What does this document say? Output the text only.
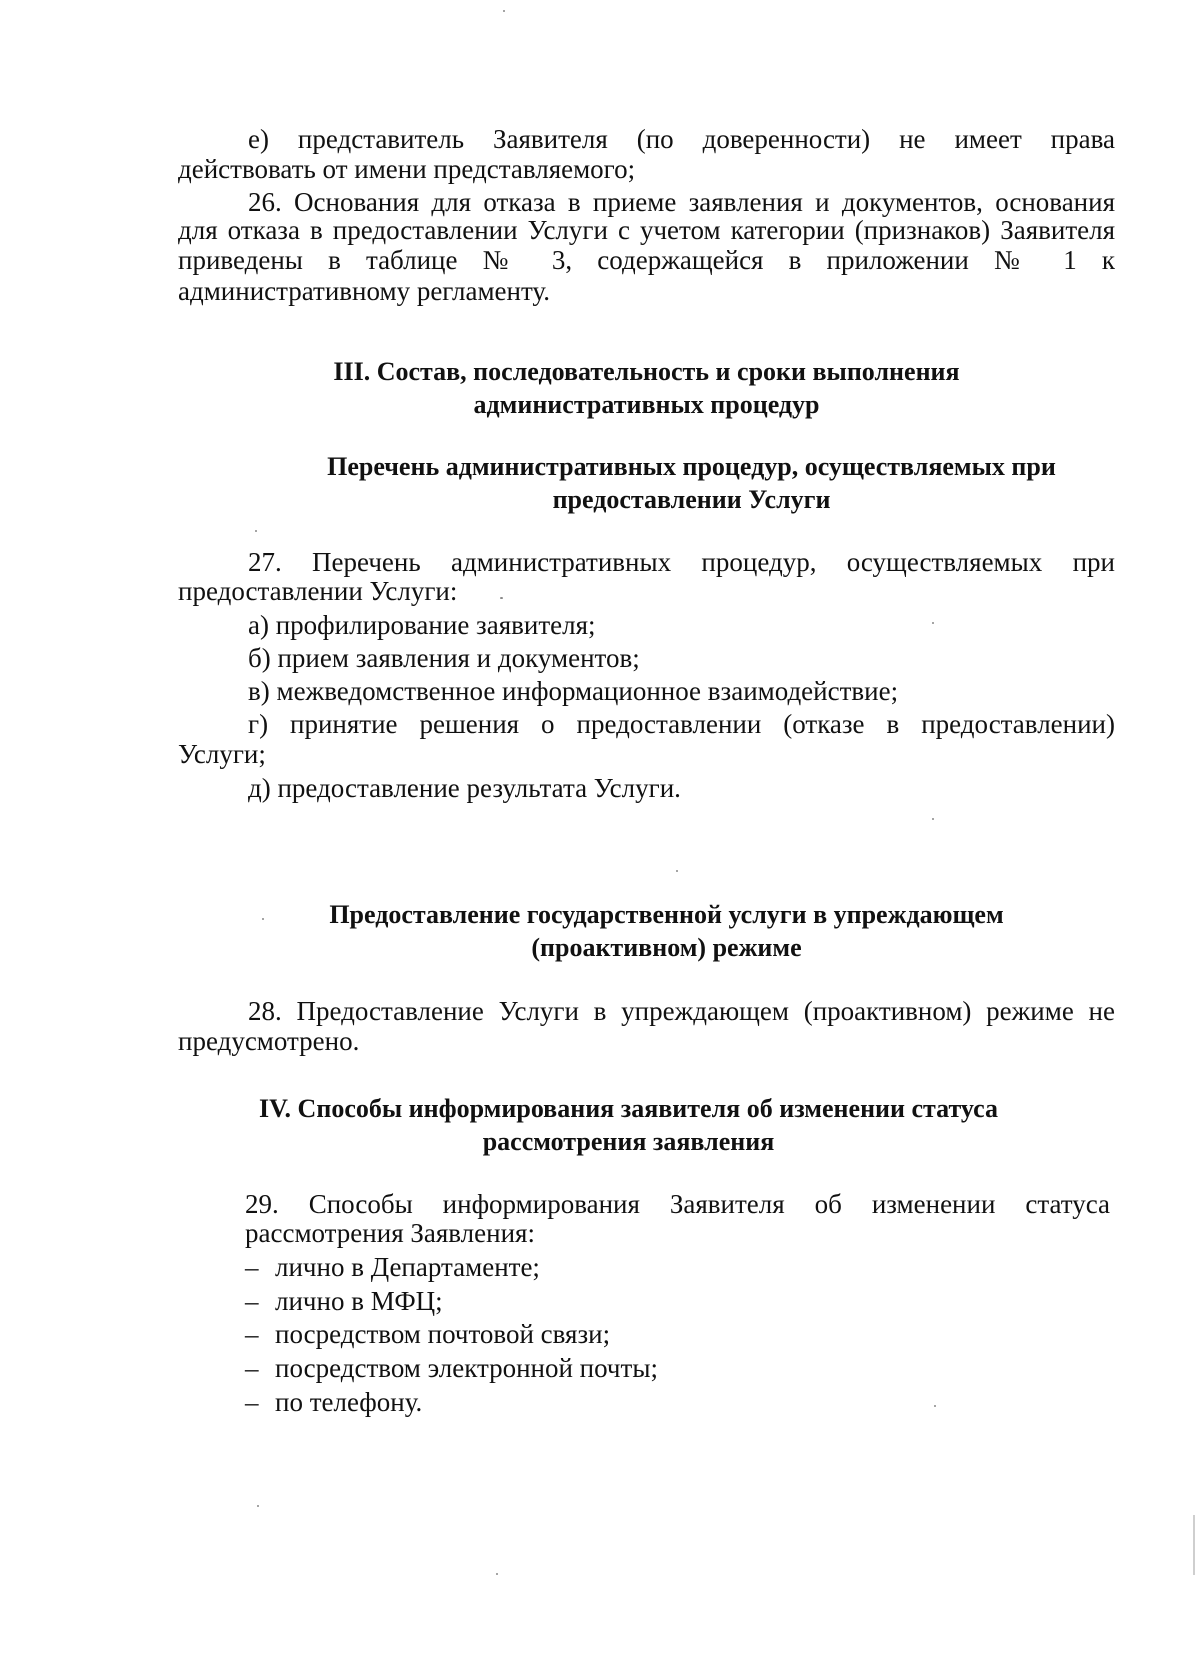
е) представитель Заявителя (по доверенности) не имеет права
действовать от имени представляемого;
26. Основания для отказа в приеме заявления и документов, основания
для отказа в предоставлении Услуги с учетом категории (признаков) Заявителя
приведены в таблице № 3, содержащейся в приложении № 1 к
административному регламенту.
III. Состав, последовательность и сроки выполнения
административных процедур
Перечень административных процедур, осуществляемых при
предоставлении Услуги
27. Перечень административных процедур, осуществляемых при
предоставлении Услуги:
а) профилирование заявителя;
б) прием заявления и документов;
в) межведомственное информационное взаимодействие;
г) принятие решения о предоставлении (отказе в предоставлении)
Услуги;
д) предоставление результата Услуги.
Предоставление государственной услуги в упреждающем
(проактивном) режиме
28. Предоставление Услуги в упреждающем (проактивном) режиме не
предусмотрено.
IV. Способы информирования заявителя об изменении статуса
рассмотрения заявления
29. Способы информирования Заявителя об изменении статуса
рассмотрения Заявления:
– лично в Департаменте;
– лично в МФЦ;
– посредством почтовой связи;
– посредством электронной почты;
– по телефону.
